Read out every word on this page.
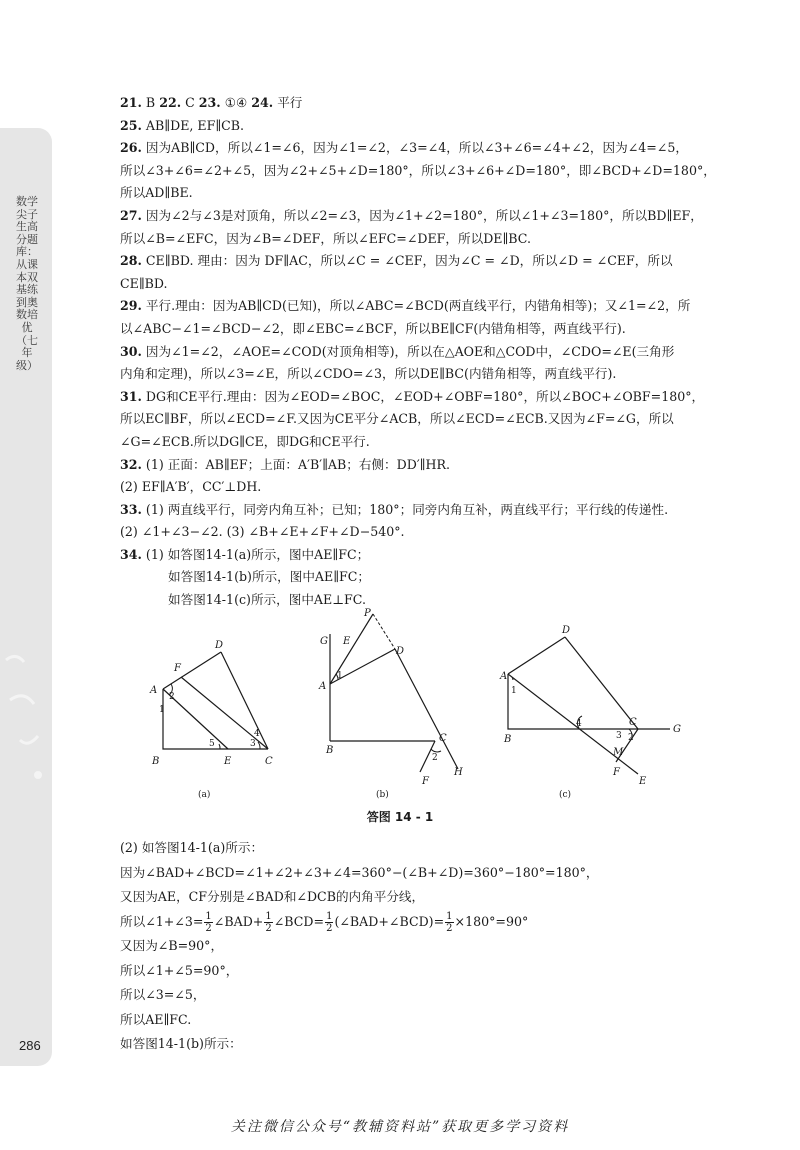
数学尖子生高分题库：从课本双基练到奥数培优（七年级）
286
21. B 22. C 23. ①④ 24. 平行
25. AB∥DE, EF∥CB.
26. 因为AB∥CD，所以∠1=∠6，因为∠1=∠2，∠3=∠4，所以∠3+∠6=∠4+∠2，因为∠4=∠5，
所以∠3+∠6=∠2+∠5，因为∠2+∠5+∠D=180°，所以∠3+∠6+∠D=180°，即∠BCD+∠D=180°，
所以AD∥BE.
27. 因为∠2与∠3是对顶角，所以∠2=∠3，因为∠1+∠2=180°，所以∠1+∠3=180°，所以BD∥EF，
所以∠B=∠EFC，因为∠B=∠DEF，所以∠EFC=∠DEF，所以DE∥BC.
28. CE∥BD. 理由：因为 DF∥AC，所以∠C = ∠CEF，因为∠C = ∠D，所以∠D = ∠CEF，所以
CE∥BD.
29. 平行.理由：因为AB∥CD(已知)，所以∠ABC=∠BCD(两直线平行，内错角相等)；又∠1=∠2，所
以∠ABC−∠1=∠BCD−∠2，即∠EBC=∠BCF，所以BE∥CF(内错角相等，两直线平行).
30. 因为∠1=∠2，∠AOE=∠COD(对顶角相等)，所以在△AOE和△COD中，∠CDO=∠E(三角形
内角和定理)，所以∠3=∠E，所以∠CDO=∠3，所以DE∥BC(内错角相等，两直线平行).
31. DG和CE平行.理由：因为∠EOD=∠BOC，∠EOD+∠OBF=180°，所以∠BOC+∠OBF=180°，
所以EC∥BF，所以∠ECD=∠F.又因为CE平分∠ACB，所以∠ECD=∠ECB.又因为∠F=∠G，所以
∠G=∠ECB.所以DG∥CE，即DG和CE平行.
32. (1) 正面：AB∥EF；上面：A′B′∥AB；右侧：DD′∥HR.
(2) EF∥A′B′，CC′⊥DH.
33. (1) 两直线平行，同旁内角互补；已知；180°；同旁内角互补，两直线平行；平行线的传递性.
(2) ∠1+∠3−∠2. (3) ∠B+∠E+∠F+∠D−540°.
34. (1) 如答图14-1(a)所示，图中AE∥FC；
如答图14-1(b)所示，图中AE∥FC；
如答图14-1(c)所示，图中AE⊥FC.
A
B	C
D
E
F
1
2
3
4
5
(a)
P
G E
A
D
B
C
F
H
1
2
(b)
A
D
B
C
G
M
F
E
1
4
3 2
(c)
答图 14 - 1
(2) 如答图14-1(a)所示：
因为∠BAD+∠BCD=∠1+∠2+∠3+∠4=360°−(∠B+∠D)=360°−180°=180°，
又因为AE，CF分别是∠BAD和∠DCB的内角平分线，
所以∠1+∠3= $\frac{1}{2}$ ∠BAD+ $\frac{1}{2}$ ∠BCD= $\frac{1}{2}$ (∠BAD+∠BCD)= $\frac{1}{2} \times 180^\circ=90^\circ$
又因为∠B=90°，
所以∠1+∠5=90°，
所以∠3=∠5，
所以AE∥FC.
如答图14-1(b)所示：
关注微信公众号“教辅资料站”获取更多学习资料
